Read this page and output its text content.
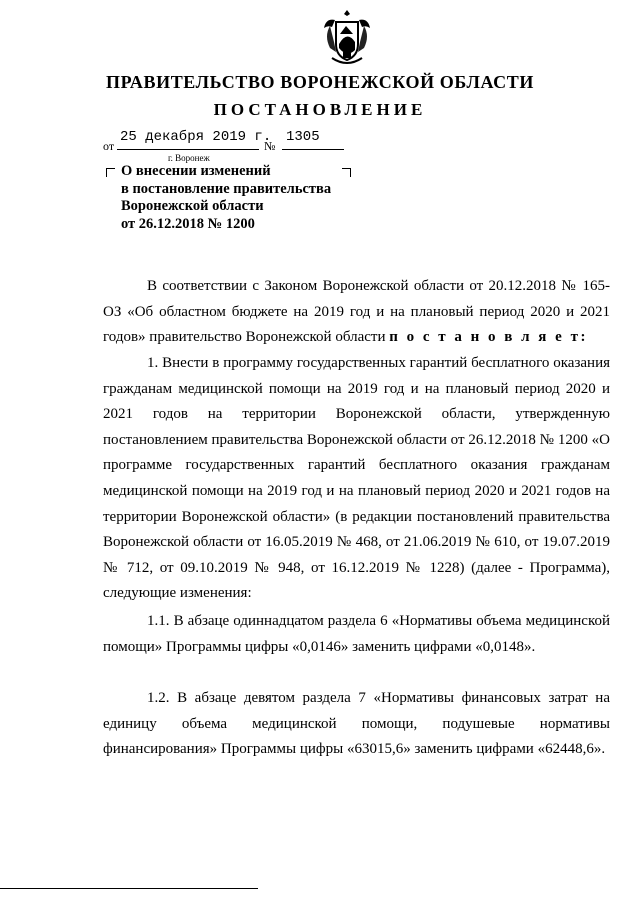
ПРАВИТЕЛЬСТВО ВОРОНЕЖСКОЙ ОБЛАСТИ
ПОСТАНОВЛЕНИЕ
от
25 декабря 2019 г.
№
1305
г. Воронеж
О внесении изменений
в постановление правительства
Воронежской области
от 26.12.2018 № 1200
В соответствии с Законом Воронежской области от 20.12.2018 № 165-ОЗ «Об областном бюджете на 2019 год и на плановый период 2020 и 2021 годов» правительство Воронежской области п о с т а н о в л я е т:
1. Внести в программу государственных гарантий бесплатного оказания гражданам медицинской помощи на 2019 год и на плановый период 2020 и 2021 годов на территории Воронежской области, утвержденную постановлением правительства Воронежской области от 26.12.2018 № 1200 «О программе государственных гарантий бесплатного оказания гражданам медицинской помощи на 2019 год и на плановый период 2020 и 2021 годов на территории Воронежской области» (в редакции постановлений правительства Воронежской области от 16.05.2019 № 468, от 21.06.2019 № 610, от 19.07.2019 № 712, от 09.10.2019 № 948, от 16.12.2019 № 1228) (далее - Программа), следующие изменения:
1.1. В абзаце одиннадцатом раздела 6 «Нормативы объема медицинской помощи» Программы цифры «0,0146» заменить цифрами «0,0148».
1.2. В абзаце девятом раздела 7 «Нормативы финансовых затрат на единицу объема медицинской помощи, подушевые нормативы финансирования» Программы цифры «63015,6» заменить цифрами «62448,6».
